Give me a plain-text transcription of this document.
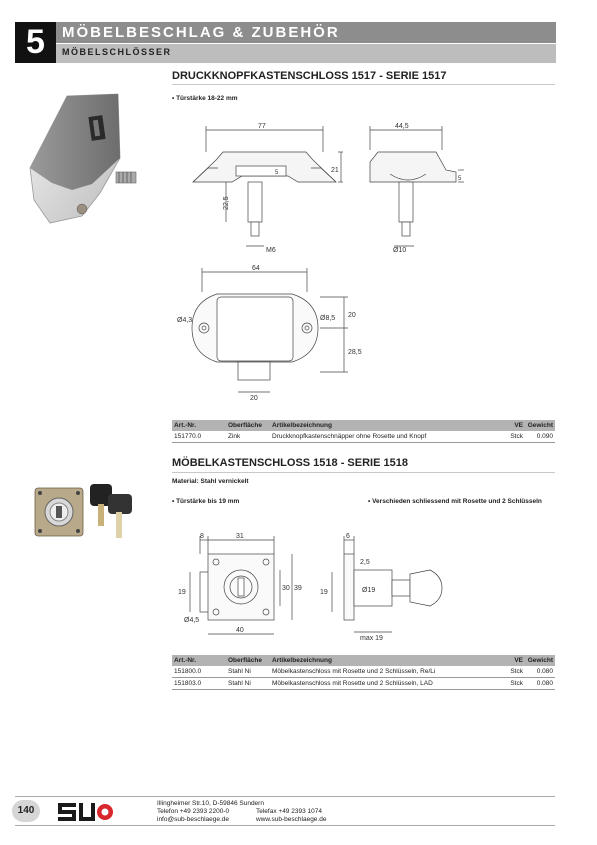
5	MÖBELBESCHLAG & ZUBEHÖR
MÖBELSCHLÖSSER
DRUCKKNOPFKASTENSCHLOSS 1517 - SERIE 1517
• Türstärke 18-22 mm
77
21
5
22,5
M6
44,5
5
Ø10
64
Ø4,3	Ø8,5 20
28,5
20
Art.-Nr.	Oberfläche	Artikelbezeichnung	VE	Gewicht
151770.0	Zink	Druckknopfkastenschnäpper ohne Rosette und Knopf	Stck	0.090
MÖBELKASTENSCHLOSS 1518 - SERIE 1518
Material: Stahl vernickelt
• Türstärke bis 19 mm	• Verschieden schliessend mit Rosette und 2 Schlüsseln
8	31
19
30 39
Ø4,5
40
6
2,5
19	Ø19
max 19
Art.-Nr.	Oberfläche	Artikelbezeichnung	VE	Gewicht
151800.0	Stahl Ni	Möbelkastenschloss mit Rosette und 2 Schlüsseln, Re/Li	Stck	0.080
151803.0	Stahl Ni	Möbelkastenschloss mit Rosette und 2 Schlüsseln, LAD	Stck	0.080
140
Illingheimer Str.10, D-59846 Sundern
Telefon +49 2393 2200-0
info@sub-beschlaege.de
Telefax +49 2393 1074
www.sub-beschlaege.de
